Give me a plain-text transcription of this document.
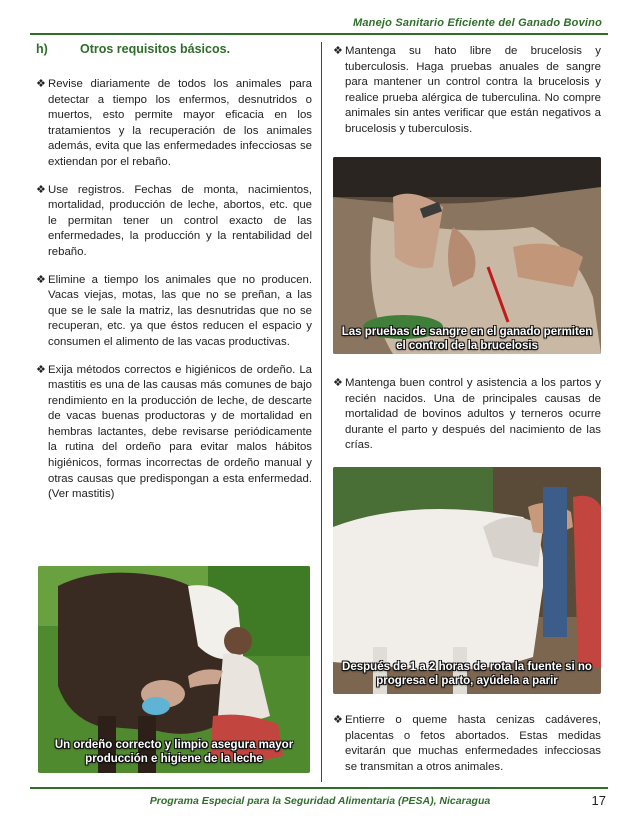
Manejo Sanitario Eficiente del Ganado Bovino
h)	Otros requisitos básicos.

❖ Revise diariamente de todos los animales para detectar a tiempo los enfermos, desnutridos o muertos, esto permite mayor eficacia en los tratamientos y la recuperación de los animales además, evita que las enfermedades infecciosas se extiendan por el rebaño.

❖ Use registros. Fechas de monta, nacimientos, mortalidad, producción de leche, abortos, etc. que le permitan tener un control exacto de las enfermedades, la producción y la rentabilidad del rebaño.

❖ Elimine a tiempo los animales que no producen. Vacas viejas, motas, las que no se preñan, a las que se le sale la matriz, las desnutridas que no se recuperan, etc. ya que éstos reducen el espacio y consumen el alimento de las vacas productivas.

❖ Exija métodos correctos e higiénicos de ordeño. La mastitis es una de las causas más comunes de bajo rendimiento en la producción de leche, de descarte de vacas buenas productoras y de mortalidad en hembras lactantes, debe revisarse periódicamente la rutina del ordeño para evitar malos hábitos higiénicos, formas incorrectas de ordeño manual y otras causas que predispongan a esta enfermedad. (Ver mastitis)

Un ordeño correcto y limpio asegura mayor producción e higiene de la leche

❖ Mantenga su hato libre de brucelosis y tuberculosis. Haga pruebas anuales de sangre para mantener un control contra la brucelosis y realice prueba alérgica de tuberculina. No compre animales sin antes verificar que están negativos a brucelosis y tuberculosis.

Las pruebas de sangre en el ganado permiten el control de la brucelosis

❖ Mantenga buen control y asistencia a los partos y recién nacidos. Una de principales causas de mortalidad de bovinos adultos y terneros ocurre durante el parto y después del nacimiento de las crías.

Después de 1 a 2 horas de rota la fuente si no progresa el parto, ayúdela a parir

❖ Entierre o queme hasta cenizas cadáveres, placentas o fetos abortados. Estas medidas evitarán que muchas enfermedades infecciosas se transmitan a otros animales.

Programa Especial para la Seguridad Alimentaria (PESA), Nicaragua	17
